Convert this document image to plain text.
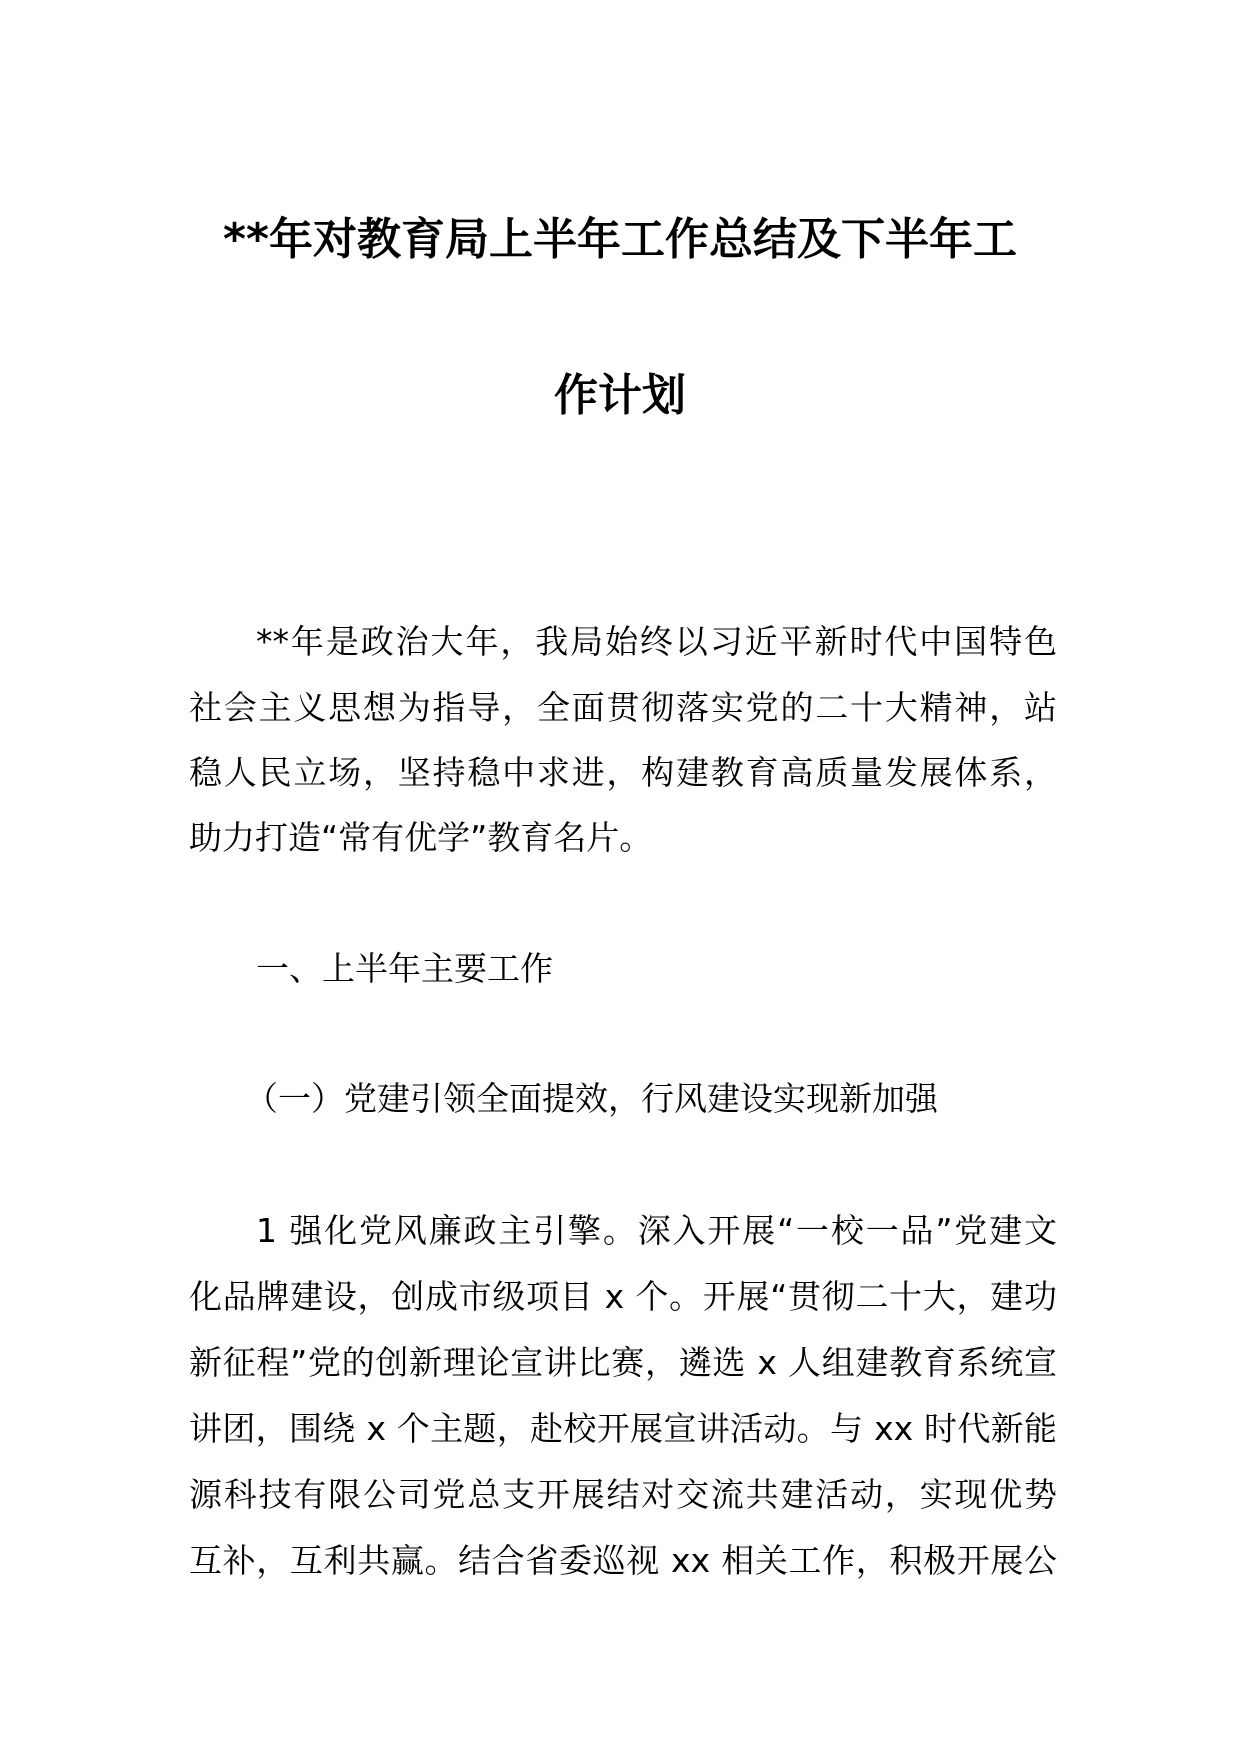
**年对教育局上半年工作总结及下半年工
作计划
**年是政治大年，我局始终以习近平新时代中国特色
社会主义思想为指导，全面贯彻落实党的二十大精神，站
稳人民立场，坚持稳中求进，构建教育高质量发展体系，
助力打造“常有优学”教育名片。
一、上半年主要工作
（一）党建引领全面提效，行风建设实现新加强
1 强化党风廉政主引擎。深入开展“一校一品”党建文
化品牌建设，创成市级项目 x 个。开展“贯彻二十大，建功
新征程”党的创新理论宣讲比赛，遴选 x 人组建教育系统宣
讲团，围绕 x 个主题，赴校开展宣讲活动。与 xx 时代新能
源科技有限公司党总支开展结对交流共建活动，实现优势
互补，互利共赢。结合省委巡视 xx 相关工作，积极开展公
